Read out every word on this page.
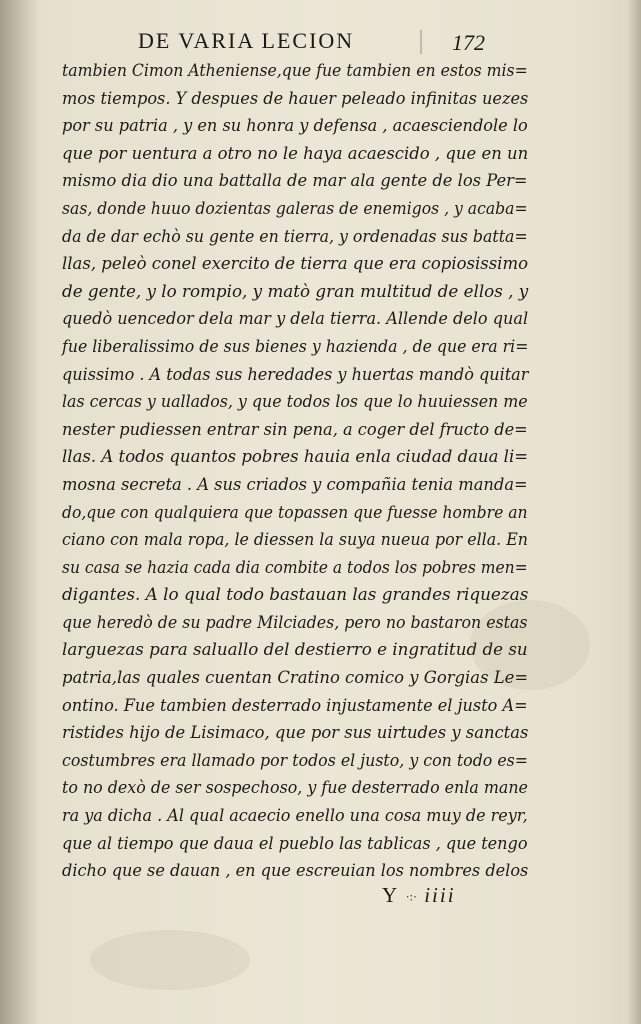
DE VARIA LECION	172
tambien Cimon Atheniense,que fue tambien en estos mis=
mos tiempos. Y despues de hauer peleado infinitas uezes
por su patria , y en su honra y defensa , acaesciendole lo
que por uentura a otro no le haya acaescido , que en un
mismo dia dio una battalla de mar ala gente de los Per=
sas, donde huuo dozientas galeras de enemigos , y acaba=
da de dar echò su gente en tierra, y ordenadas sus batta=
llas, peleò conel exercito de tierra que era copiosissimo
de gente, y lo rompio, y matò gran multitud de ellos , y
quedò uencedor dela mar y dela tierra. Allende delo qual
fue liberalissimo de sus bienes y hazienda , de que era ri=
quissimo . A todas sus heredades y huertas mandò quitar
las cercas y uallados, y que todos los que lo huuiessen me
nester pudiessen entrar sin pena, a coger del fructo de=
llas. A todos quantos pobres hauia enla ciudad daua li=
mosna secreta . A sus criados y compañia tenia manda=
do,que con qualquiera que topassen que fuesse hombre an
ciano con mala ropa, le diessen la suya nueua por ella. En
su casa se hazia cada dia combite a todos los pobres men=
digantes. A lo qual todo bastauan las grandes riquezas
que heredò de su padre Milciades, pero no bastaron estas
larguezas para saluallo del destierro e ingratitud de su
patria,las quales cuentan Cratino comico y Gorgias Le=
ontino. Fue tambien desterrado injustamente el justo A=
ristides hijo de Lisimaco, que por sus uirtudes y sanctas
costumbres era llamado por todos el justo, y con todo es=
to no dexò de ser sospechoso, y fue desterrado enla mane
ra ya dicha . Al qual acaecio enello una cosa muy de reyr,
que al tiempo que daua el pueblo las tablicas , que tengo
dicho que se dauan , en que escreuian los nombres delos
Y ·:· iiii
